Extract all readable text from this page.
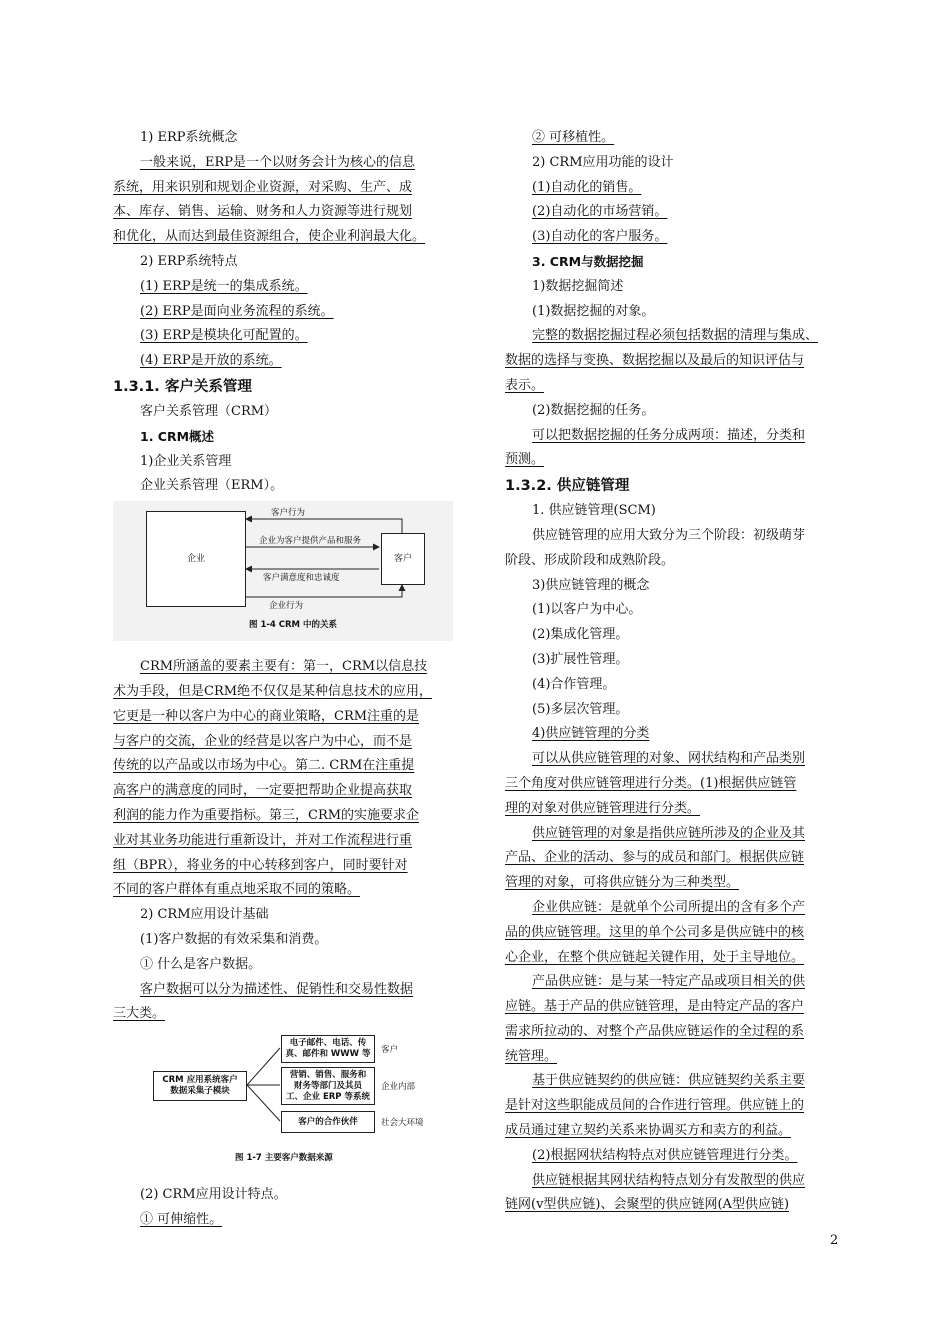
1) ERP系统概念
一般来说，ERP是一个以财务会计为核心的信息
系统，用来识别和规划企业资源，对采购、生产、成
本、库存、销售、运输、财务和人力资源等进行规划
和优化，从而达到最佳资源组合，使企业利润最大化。
2) ERP系统特点
(1) ERP是统一的集成系统。
(2) ERP是面向业务流程的系统。
(3) ERP是模块化可配置的。
(4) ERP是开放的系统。
1.3.1. 客户关系管理
客户关系管理（CRM）
1. CRM概述
1)企业关系管理
企业关系管理（ERM）。
企业	客户
客户行为
企业为客户提供产品和服务
客户满意度和忠诚度
企业行为
图 1-4 CRM 中的关系
CRM所涵盖的要素主要有：第一，CRM以信息技
术为手段，但是CRM绝不仅仅是某种信息技术的应用，
它更是一种以客户为中心的商业策略，CRM注重的是
与客户的交流，企业的经营是以客户为中心，而不是
传统的以产品或以市场为中心。第二. CRM在注重提
高客户的满意度的同时，一定要把帮助企业提高获取
利润的能力作为重要指标。第三，CRM的实施要求企
业对其业务功能进行重新设计，并对工作流程进行重
组（BPR），将业务的中心转移到客户，同时要针对
不同的客户群体有重点地采取不同的策略。
2) CRM应用设计基础
(1)客户数据的有效采集和消费。
① 什么是客户数据。
客户数据可以分为描述性、促销性和交易性数据
三大类。
CRM 应用系统客户
数据采集子模块
电子邮件、电话、传
真、邮件和 WWW 等
营销、销售、服务和
财务等部门及其员
工、企业 ERP 等系统
客户的合作伙伴
客户
企业内部
社会大环境
图 1-7 主要客户数据来源
(2) CRM应用设计特点。
① 可伸缩性。
② 可移植性。
2) CRM应用功能的设计
(1)自动化的销售。
(2)自动化的市场营销。
(3)自动化的客户服务。
3. CRM与数据挖掘
1)数据挖掘简述
(1)数据挖掘的对象。
完整的数据挖掘过程必须包括数据的清理与集成、
数据的选择与变换、数据挖掘以及最后的知识评估与
表示。
(2)数据挖掘的任务。
可以把数据挖掘的任务分成两项：描述，分类和
预测。
1.3.2. 供应链管理
1. 供应链管理(SCM)
供应链管理的应用大致分为三个阶段：初级萌芽
阶段、形成阶段和成熟阶段。
3)供应链管理的概念
(1)以客户为中心。
(2)集成化管理。
(3)扩展性管理。
(4)合作管理。
(5)多层次管理。
4)供应链管理的分类
可以从供应链管理的对象、网状结构和产品类别
三个角度对供应链管理进行分类。(1)根据供应链管
理的对象对供应链管理进行分类。
供应链管理的对象是指供应链所涉及的企业及其
产品、企业的活动、参与的成员和部门。根据供应链
管理的对象，可将供应链分为三种类型。
企业供应链：是就单个公司所提出的含有多个产
品的供应链管理。这里的单个公司多是供应链中的核
心企业，在整个供应链起关键作用，处于主导地位。
产品供应链：是与某一特定产品或项目相关的供
应链。基于产品的供应链管理，是由特定产品的客户
需求所拉动的、对整个产品供应链运作的全过程的系
统管理。
基于供应链契约的供应链：供应链契约关系主要
是针对这些职能成员间的合作进行管理。供应链上的
成员通过建立契约关系来协调买方和卖方的利益。
(2)根据网状结构特点对供应链管理进行分类。
供应链根据其网状结构特点划分有发散型的供应
链网(v型供应链)、会聚型的供应链网(A型供应链)
2
